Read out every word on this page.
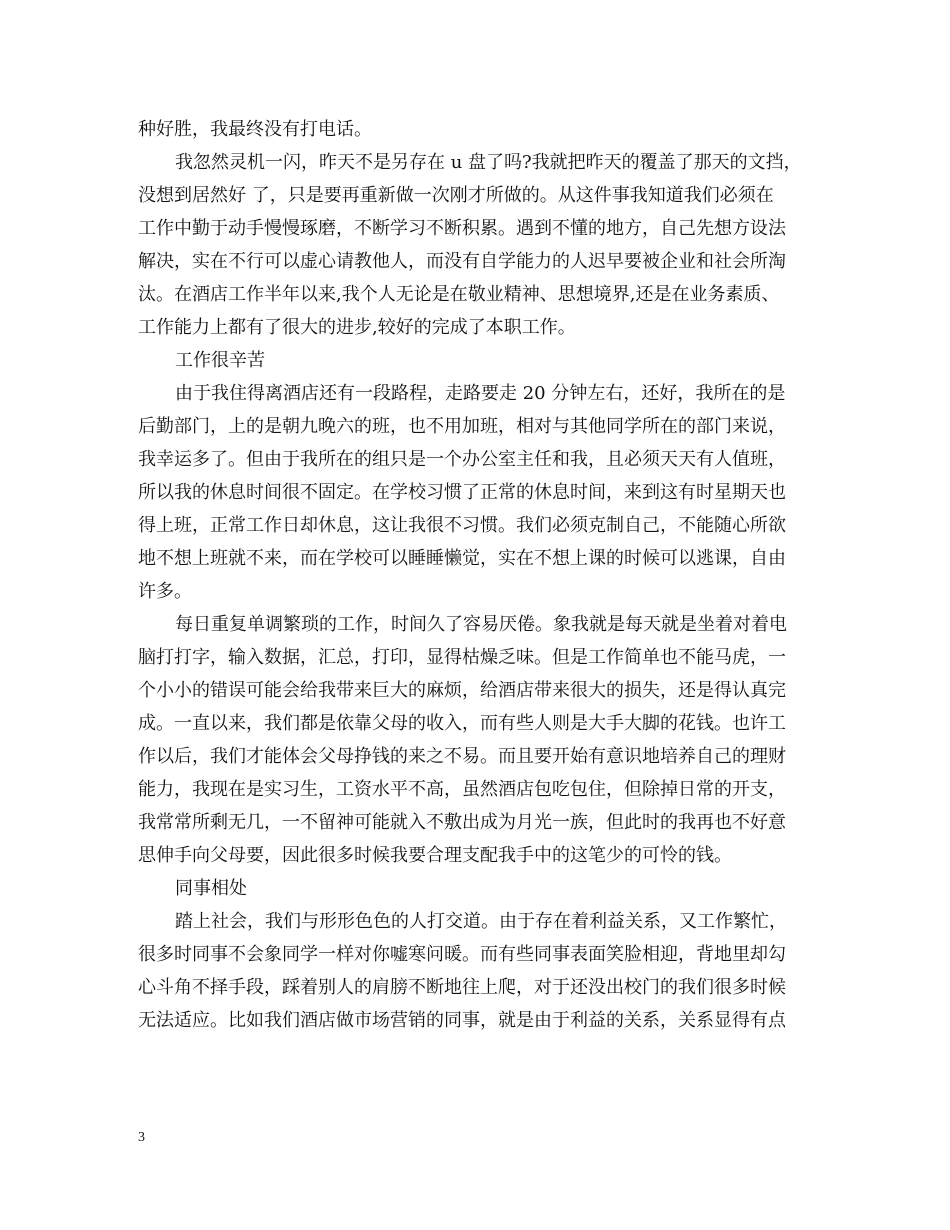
种好胜，我最终没有打电话。
我忽然灵机一闪，昨天不是另存在 u 盘了吗?我就把昨天的覆盖了那天的文挡，
没想到居然好 了，只是要再重新做一次刚才所做的。从这件事我知道我们必须在
工作中勤于动手慢慢琢磨，不断学习不断积累。遇到不懂的地方，自己先想方设法
解决，实在不行可以虚心请教他人，而没有自学能力的人迟早要被企业和社会所淘
汰。在酒店工作半年以来,我个人无论是在敬业精神、思想境界,还是在业务素质、
工作能力上都有了很大的进步,较好的完成了本职工作。
工作很辛苦
由于我住得离酒店还有一段路程，走路要走 20 分钟左右，还好，我所在的是
后勤部门，上的是朝九晚六的班，也不用加班，相对与其他同学所在的部门来说，
我幸运多了。但由于我所在的组只是一个办公室主任和我，且必须天天有人值班，
所以我的休息时间很不固定。在学校习惯了正常的休息时间，来到这有时星期天也
得上班，正常工作日却休息，这让我很不习惯。我们必须克制自己，不能随心所欲
地不想上班就不来，而在学校可以睡睡懒觉，实在不想上课的时候可以逃课，自由
许多。
每日重复单调繁琐的工作，时间久了容易厌倦。象我就是每天就是坐着对着电
脑打打字，输入数据，汇总，打印，显得枯燥乏味。但是工作简单也不能马虎，一
个小小的错误可能会给我带来巨大的麻烦，给酒店带来很大的损失，还是得认真完
成。一直以来，我们都是依靠父母的收入，而有些人则是大手大脚的花钱。也许工
作以后，我们才能体会父母挣钱的来之不易。而且要开始有意识地培养自己的理财
能力，我现在是实习生，工资水平不高，虽然酒店包吃包住，但除掉日常的开支，
我常常所剩无几，一不留神可能就入不敷出成为月光一族，但此时的我再也不好意
思伸手向父母要，因此很多时候我要合理支配我手中的这笔少的可怜的钱。
同事相处
踏上社会，我们与形形色色的人打交道。由于存在着利益关系，又工作繁忙，
很多时同事不会象同学一样对你嘘寒问暖。而有些同事表面笑脸相迎，背地里却勾
心斗角不择手段，踩着别人的肩膀不断地往上爬，对于还没出校门的我们很多时候
无法适应。比如我们酒店做市场营销的同事，就是由于利益的关系，关系显得有点
3
